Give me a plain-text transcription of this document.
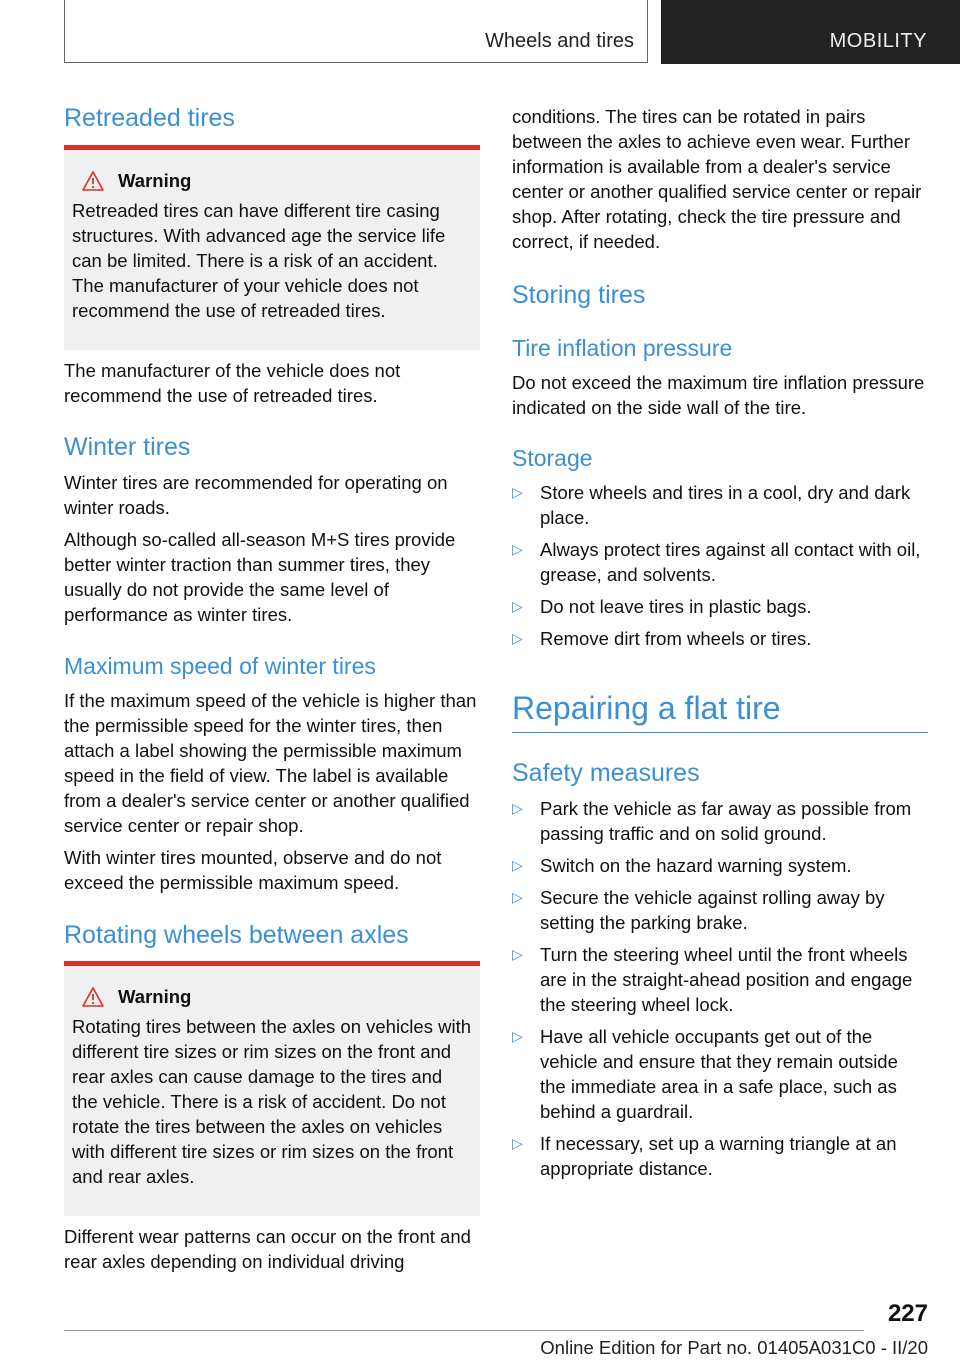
Wheels and tires	MOBILITY
Retreaded tires
Warning

Retreaded tires can have different tire casing structures. With advanced age the service life can be limited. There is a risk of an accident. The manufacturer of your vehicle does not recommend the use of retreaded tires.

The manufacturer of the vehicle does not recommend the use of retreaded tires.

Winter tires

Winter tires are recommended for operating on winter roads.

Although so-called all-season M+S tires provide better winter traction than summer tires, they usually do not provide the same level of performance as winter tires.

Maximum speed of winter tires

If the maximum speed of the vehicle is higher than the permissible speed for the winter tires, then attach a label showing the permissible maximum speed in the field of view. The label is available from a dealer's service center or another qualified service center or repair shop.

With winter tires mounted, observe and do not exceed the permissible maximum speed.

Rotating wheels between axles
Warning

Rotating tires between the axles on vehicles with different tire sizes or rim sizes on the front and rear axles can cause damage to the tires and the vehicle. There is a risk of accident. Do not rotate the tires between the axles on vehicles with different tire sizes or rim sizes on the front and rear axles.

Different wear patterns can occur on the front and rear axles depending on individual driving

conditions. The tires can be rotated in pairs between the axles to achieve even wear. Further information is available from a dealer's service center or another qualified service center or repair shop. After rotating, check the tire pressure and correct, if needed.

Storing tires
Tire inflation pressure

Do not exceed the maximum tire inflation pressure indicated on the side wall of the tire.

Storage
▷ Store wheels and tires in a cool, dry and dark place.
▷ Always protect tires against all contact with oil, grease, and solvents.
▷ Do not leave tires in plastic bags.
▷ Remove dirt from wheels or tires.
Repairing a flat tire
Safety measures
▷ Park the vehicle as far away as possible from passing traffic and on solid ground.
▷ Switch on the hazard warning system.
▷ Secure the vehicle against rolling away by setting the parking brake.
▷ Turn the steering wheel until the front wheels are in the straight-ahead position and engage the steering wheel lock.
▷ Have all vehicle occupants get out of the vehicle and ensure that they remain outside the immediate area in a safe place, such as behind a guardrail.
▷ If necessary, set up a warning triangle at an appropriate distance.
227
Online Edition for Part no. 01405A031C0 - II/20
